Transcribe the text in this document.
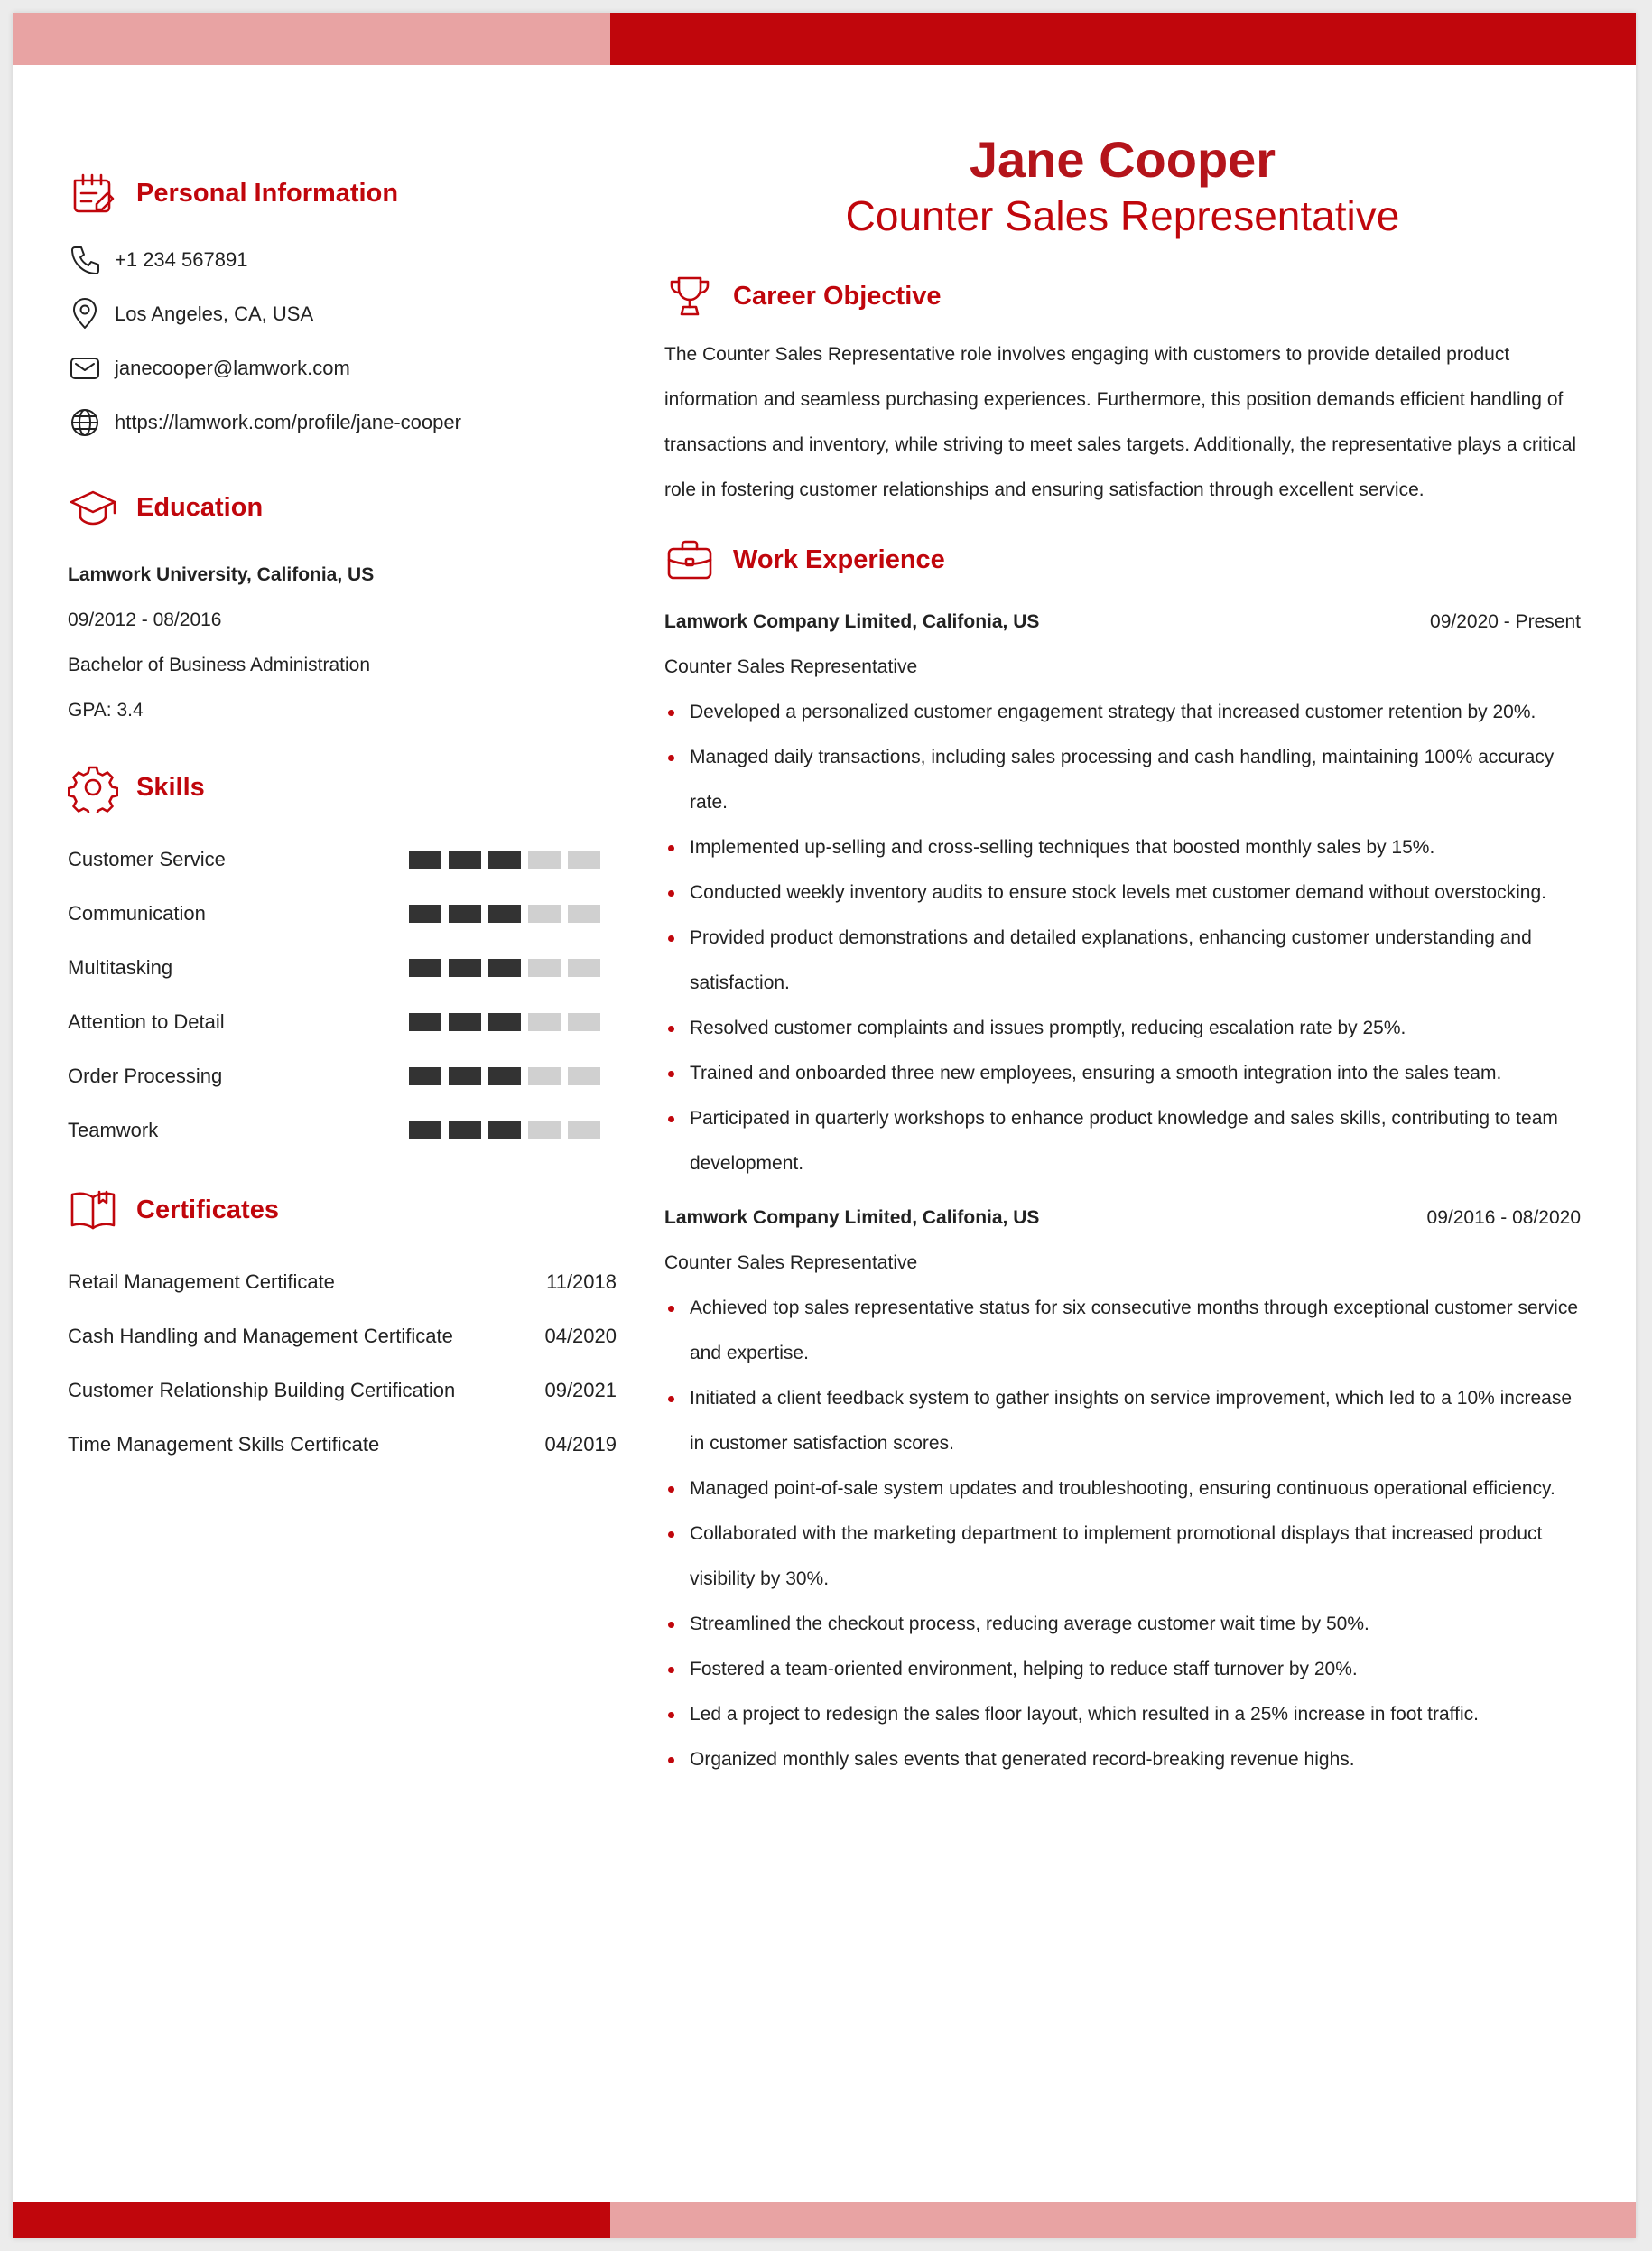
Personal Information
+1 234 567891
Los Angeles, CA, USA
janecooper@lamwork.com
https://lamwork.com/profile/jane-cooper
Education
Lamwork University, Califonia, US
09/2012 - 08/2016
Bachelor of Business Administration
GPA: 3.4
Skills
Customer Service
Communication
Multitasking
Attention to Detail
Order Processing
Teamwork
Certificates
Retail Management Certificate	11/2018
Cash Handling and Management Certificate	04/2020
Customer Relationship Building Certification	09/2021
Time Management Skills Certificate	04/2019
Jane Cooper
Counter Sales Representative
Career Objective
The Counter Sales Representative role involves engaging with customers to provide detailed product information and seamless purchasing experiences. Furthermore, this position demands efficient handling of transactions and inventory, while striving to meet sales targets. Additionally, the representative plays a critical role in fostering customer relationships and ensuring satisfaction through excellent service.
Work Experience
Lamwork Company Limited, Califonia, US	09/2020 - Present
Counter Sales Representative
Developed a personalized customer engagement strategy that increased customer retention by 20%.
Managed daily transactions, including sales processing and cash handling, maintaining 100% accuracy rate.
Implemented up-selling and cross-selling techniques that boosted monthly sales by 15%.
Conducted weekly inventory audits to ensure stock levels met customer demand without overstocking.
Provided product demonstrations and detailed explanations, enhancing customer understanding and satisfaction.
Resolved customer complaints and issues promptly, reducing escalation rate by 25%.
Trained and onboarded three new employees, ensuring a smooth integration into the sales team.
Participated in quarterly workshops to enhance product knowledge and sales skills, contributing to team development.
Lamwork Company Limited, Califonia, US	09/2016 - 08/2020
Counter Sales Representative
Achieved top sales representative status for six consecutive months through exceptional customer service and expertise.
Initiated a client feedback system to gather insights on service improvement, which led to a 10% increase in customer satisfaction scores.
Managed point-of-sale system updates and troubleshooting, ensuring continuous operational efficiency.
Collaborated with the marketing department to implement promotional displays that increased product visibility by 30%.
Streamlined the checkout process, reducing average customer wait time by 50%.
Fostered a team-oriented environment, helping to reduce staff turnover by 20%.
Led a project to redesign the sales floor layout, which resulted in a 25% increase in foot traffic.
Organized monthly sales events that generated record-breaking revenue highs.
